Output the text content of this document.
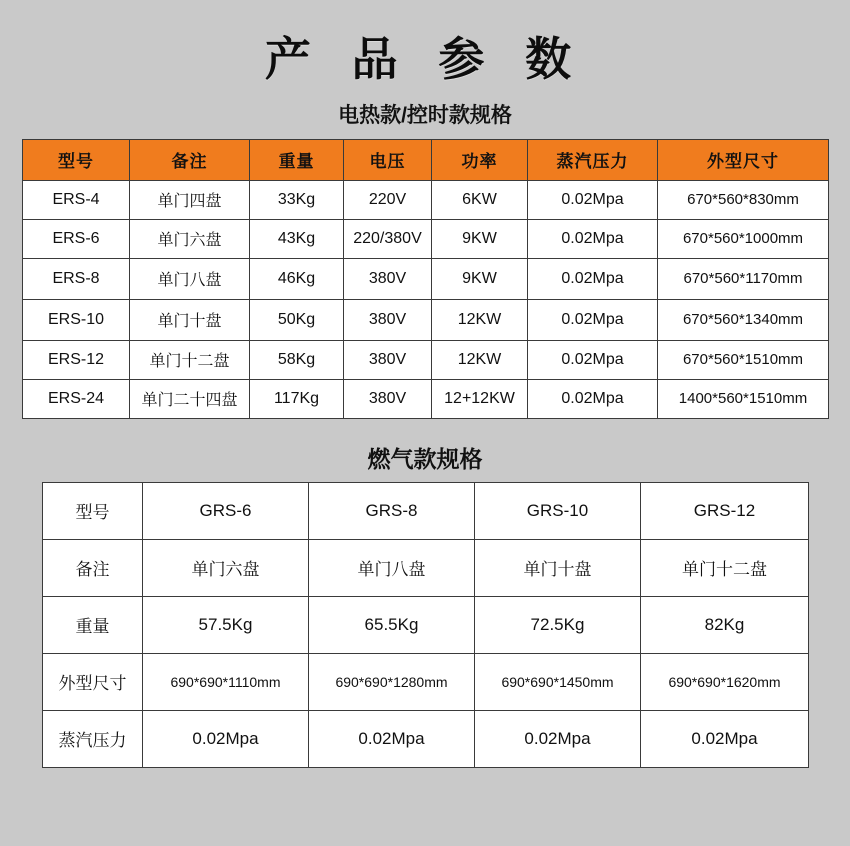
产 品 参 数
电热款/控时款规格
型号	备注	重量	电压	功率	蒸汽压力	外型尺寸
ERS-4	单门四盘	33Kg	220V	6KW	0.02Mpa	670*560*830mm
ERS-6	单门六盘	43Kg	220/380V	9KW	0.02Mpa	670*560*1000mm
ERS-8	单门八盘	46Kg	380V	9KW	0.02Mpa	670*560*1170mm
ERS-10	单门十盘	50Kg	380V	12KW	0.02Mpa	670*560*1340mm
ERS-12	单门十二盘	58Kg	380V	12KW	0.02Mpa	670*560*1510mm
ERS-24	单门二十四盘	117Kg	380V	12+12KW	0.02Mpa	1400*560*1510mm
燃气款规格
型号	GRS-6	GRS-8	GRS-10	GRS-12
备注	单门六盘	单门八盘	单门十盘	单门十二盘
重量	57.5Kg	65.5Kg	72.5Kg	82Kg
外型尺寸	690*690*1110mm	690*690*1280mm	690*690*1450mm	690*690*1620mm
蒸汽压力	0.02Mpa	0.02Mpa	0.02Mpa	0.02Mpa
